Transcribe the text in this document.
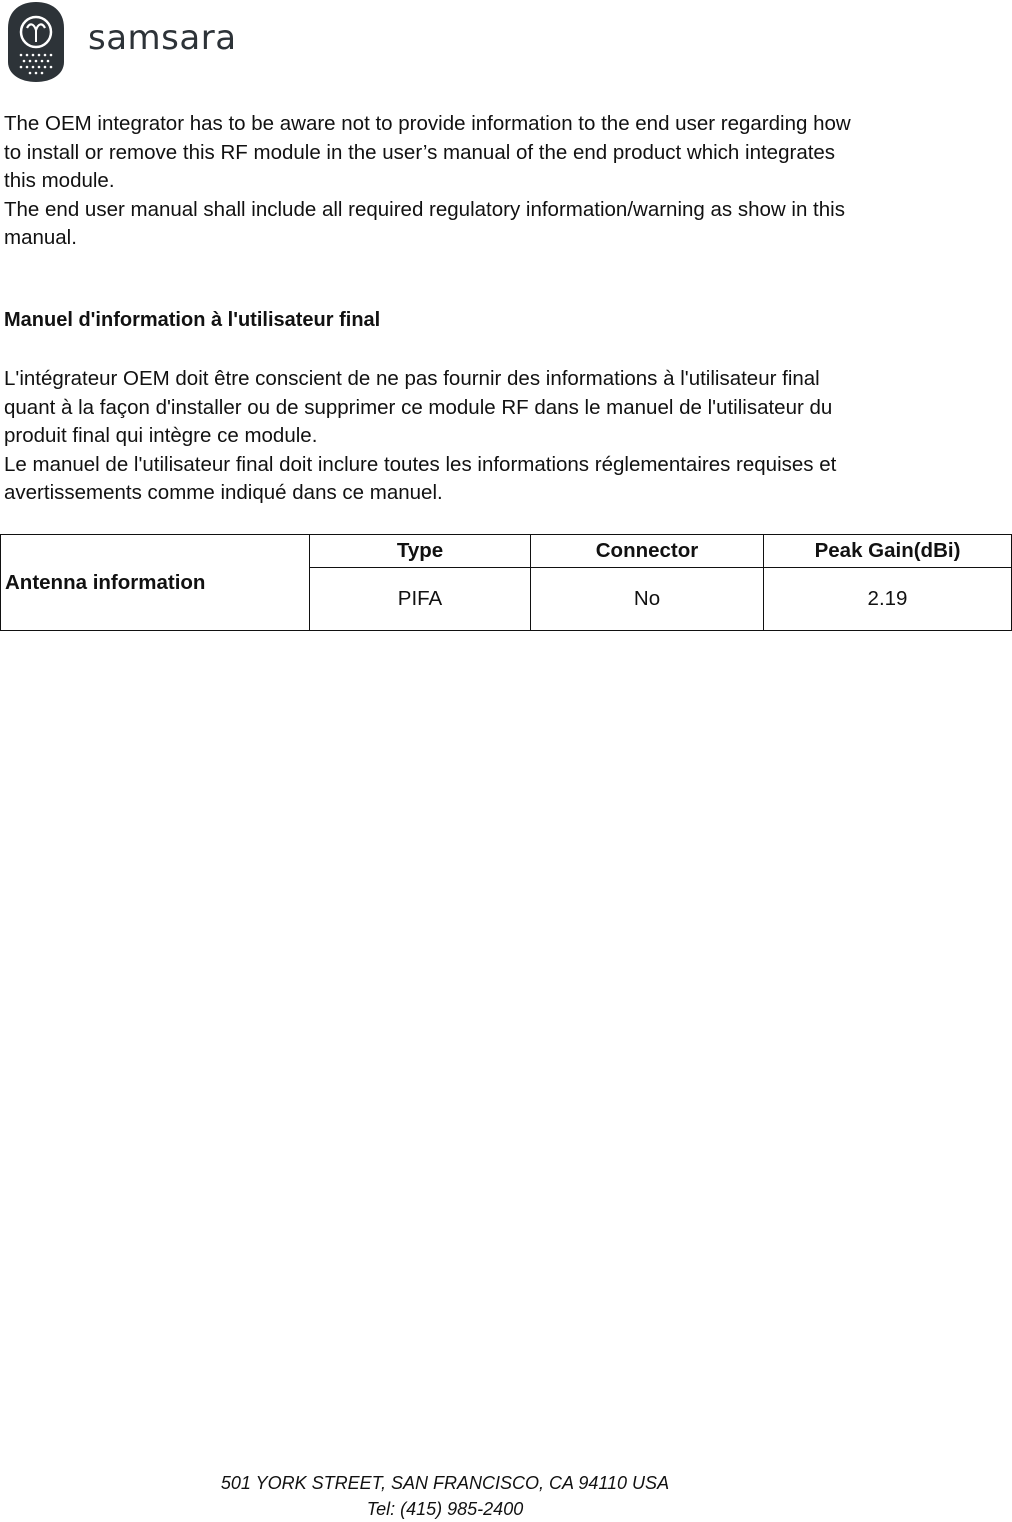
samsara
The OEM integrator has to be aware not to provide information to the end user regarding how
to install or remove this RF module in the user’s manual of the end product which integrates
this module.
The end user manual shall include all required regulatory information/warning as show in this
manual.
Manuel d'information à l'utilisateur final
L'intégrateur OEM doit être conscient de ne pas fournir des informations à l'utilisateur final
quant à la façon d'installer ou de supprimer ce module RF dans le manuel de l'utilisateur du
produit final qui intègre ce module.
Le manuel de l'utilisateur final doit inclure toutes les informations réglementaires requises et
avertissements comme indiqué dans ce manuel.
Antenna information	Type	Connector	Peak Gain(dBi)
	PIFA	No	2.19
501 YORK STREET, SAN FRANCISCO, CA 94110 USA
Tel: (415) 985-2400
